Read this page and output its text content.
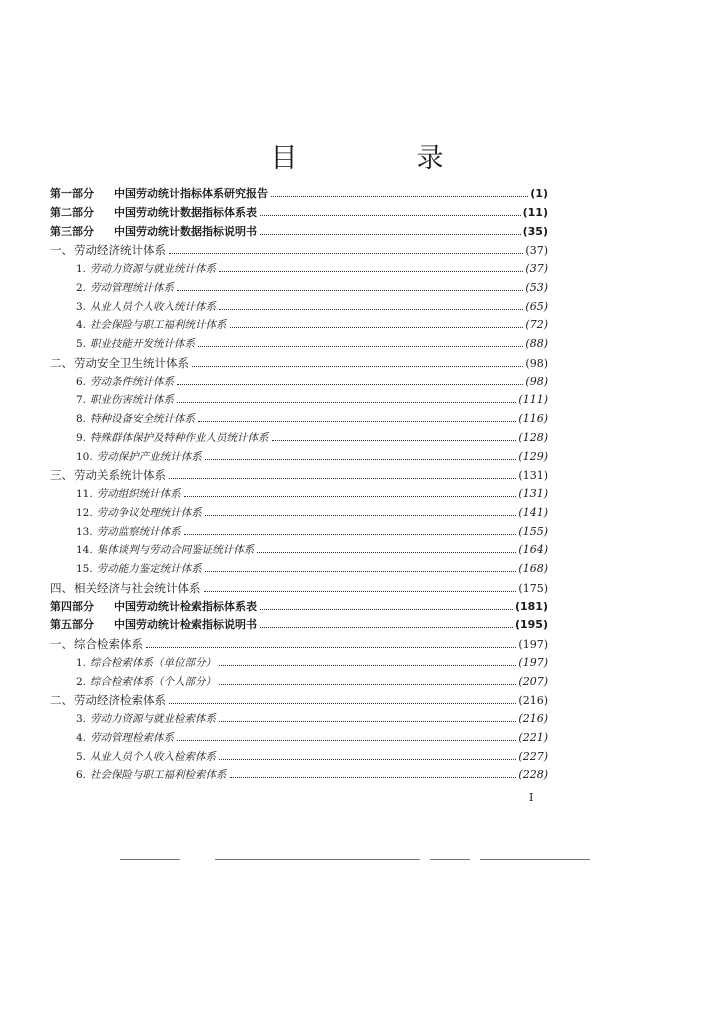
目　录
第一部分	中国劳动统计指标体系研究报告	(1)
第二部分	中国劳动统计数据指标体系表	(11)
第三部分	中国劳动统计数据指标说明书	(35)
一、 劳动经济统计体系	(37)
1. 劳动力资源与就业统计体系	(37)
2. 劳动管理统计体系	(53)
3. 从业人员个人收入统计体系	(65)
4. 社会保险与职工福利统计体系	(72)
5. 职业技能开发统计体系	(88)
二、 劳动安全卫生统计体系	(98)
6. 劳动条件统计体系	(98)
7. 职业伤害统计体系	(111)
8. 特种设备安全统计体系	(116)
9. 特殊群体保护及特种作业人员统计体系	(128)
10. 劳动保护产业统计体系	(129)
三、 劳动关系统计体系	(131)
11. 劳动组织统计体系	(131)
12. 劳动争议处理统计体系	(141)
13. 劳动监察统计体系	(155)
14. 集体谈判与劳动合同鉴证统计体系	(164)
15. 劳动能力鉴定统计体系	(168)
四、 相关经济与社会统计体系	(175)
第四部分	中国劳动统计检索指标体系表	(181)
第五部分	中国劳动统计检索指标说明书	(195)
一、 综合检索体系	(197)
1. 综合检索体系（单位部分）	(197)
2. 综合检索体系（个人部分）	(207)
二、 劳动经济检索体系	(216)
3. 劳动力资源与就业检索体系	(216)
4. 劳动管理检索体系	(221)
5. 从业人员个人收入检索体系	(227)
6. 社会保险与职工福利检索体系	(228)
I
